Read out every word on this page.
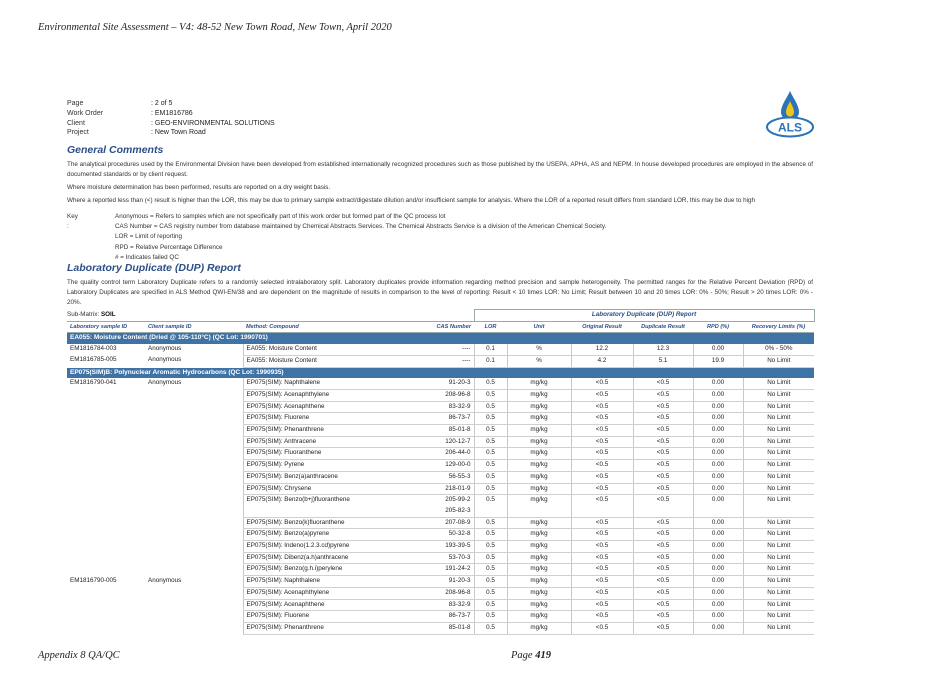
Environmental Site Assessment – V4: 48-52 New Town Road, New Town, April 2020
Page	: 2 of 5
Work Order	: EM1816786
Client	: GEO-ENVIRONMENTAL SOLUTIONS
Project	: New Town Road	ALS
General Comments
The analytical procedures used by the Environmental Division have been developed from established internationally recognized procedures such as those published by the USEPA, APHA, AS and NEPM. In house developed procedures are employed in the absence of documented standards or by client request.
Where moisture determination has been performed, results are reported on a dry weight basis.
Where a reported less than (<) result is higher than the LOR, this may be due to primary sample extract/digestate dilution and/or insufficient sample for analysis. Where the LOR of a reported result differs from standard LOR, this may be due to high
Key :
Anonymous = Refers to samples which are not specifically part of this work order but formed part of the QC process lot
CAS Number = CAS registry number from database maintained by Chemical Abstracts Services. The Chemical Abstracts Service is a division of the American Chemical Society.
LOR = Limit of reporting
RPD = Relative Percentage Difference
# = Indicates failed QC
Laboratory Duplicate (DUP) Report
The quality control term Laboratory Duplicate refers to a randomly selected intralaboratory split. Laboratory duplicates provide information regarding method precision and sample heterogeneity. The permitted ranges for the Relative Percent Deviation (RPD) of Laboratory Duplicates are specified in ALS Method QWI-EN/38 and are dependent on the magnitude of results in comparison to the level of reporting: Result < 10 times LOR: No Limit; Result between 10 and 20 times LOR: 0% - 50%; Result > 20 times LOR: 0% - 20%.
Sub-Matrix: SOIL
				Laboratory Duplicate (DUP) Report					
Laboratory sample ID	Client sample ID	Method: Compound	CAS Number	LOR	Unit	Original Result	Duplicate Result	RPD (%)	Recovery Limits (%)
EA055: Moisture Content (Dried @ 105-110°C) (QC Lot: 1990701)									
EM1816784-003	Anonymous	EA055: Moisture Content	----	0.1	%	12.2	12.3	0.00	0% - 50%
EM1816785-005	Anonymous	EA055: Moisture Content	----	0.1	%	4.2	5.1	19.9	No Limit
EP075(SIM)B: Polynuclear Aromatic Hydrocarbons (QC Lot: 1990935)									
EM1816790-041	Anonymous	EP075(SIM): Naphthalene	91-20-3	0.5	mg/kg	<0.5	<0.5	0.00	No Limit
		EP075(SIM): Acenaphthylene	208-96-8	0.5	mg/kg	<0.5	<0.5	0.00	No Limit
		EP075(SIM): Acenaphthene	83-32-9	0.5	mg/kg	<0.5	<0.5	0.00	No Limit
		EP075(SIM): Fluorene	86-73-7	0.5	mg/kg	<0.5	<0.5	0.00	No Limit
		EP075(SIM): Phenanthrene	85-01-8	0.5	mg/kg	<0.5	<0.5	0.00	No Limit
		EP075(SIM): Anthracene	120-12-7	0.5	mg/kg	<0.5	<0.5	0.00	No Limit
		EP075(SIM): Fluoranthene	206-44-0	0.5	mg/kg	<0.5	<0.5	0.00	No Limit
		EP075(SIM): Pyrene	129-00-0	0.5	mg/kg	<0.5	<0.5	0.00	No Limit
		EP075(SIM): Benz(a)anthracene	56-55-3	0.5	mg/kg	<0.5	<0.5	0.00	No Limit
		EP075(SIM): Chrysene	218-01-9	0.5	mg/kg	<0.5	<0.5	0.00	No Limit
		EP075(SIM): Benzo(b+j)fluoranthene	205-99-2
205-82-3	0.5	mg/kg	<0.5	<0.5	0.00	No Limit
		EP075(SIM): Benzo(k)fluoranthene	207-08-9	0.5	mg/kg	<0.5	<0.5	0.00	No Limit
		EP075(SIM): Benzo(a)pyrene	50-32-8	0.5	mg/kg	<0.5	<0.5	0.00	No Limit
		EP075(SIM): Indeno(1.2.3.cd)pyrene	193-39-5	0.5	mg/kg	<0.5	<0.5	0.00	No Limit
		EP075(SIM): Dibenz(a.h)anthracene	53-70-3	0.5	mg/kg	<0.5	<0.5	0.00	No Limit
		EP075(SIM): Benzo(g.h.i)perylene	191-24-2	0.5	mg/kg	<0.5	<0.5	0.00	No Limit
EM1816790-005	Anonymous	EP075(SIM): Naphthalene	91-20-3	0.5	mg/kg	<0.5	<0.5	0.00	No Limit
		EP075(SIM): Acenaphthylene	208-96-8	0.5	mg/kg	<0.5	<0.5	0.00	No Limit
		EP075(SIM): Acenaphthene	83-32-9	0.5	mg/kg	<0.5	<0.5	0.00	No Limit
		EP075(SIM): Fluorene	86-73-7	0.5	mg/kg	<0.5	<0.5	0.00	No Limit
		EP075(SIM): Phenanthrene	85-01-8	0.5	mg/kg	<0.5	<0.5	0.00	No Limit
Appendix 8 QA/QC	Page 419
